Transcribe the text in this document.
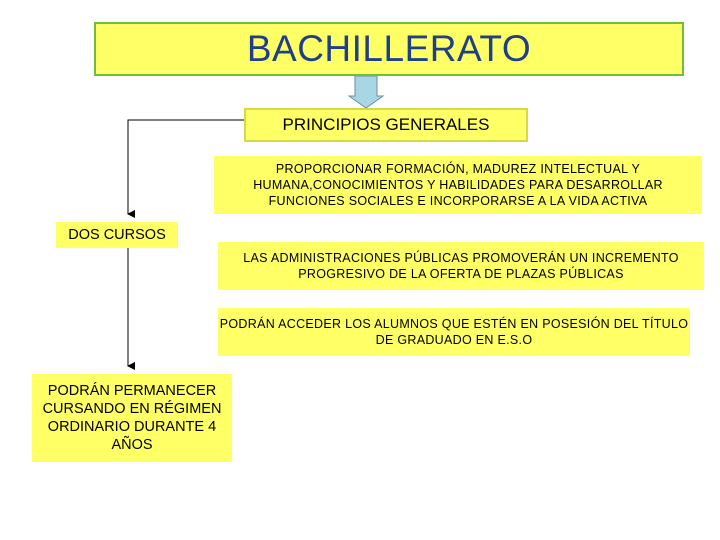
BACHILLERATO
PRINCIPIOS GENERALES
PROPORCIONAR FORMACIÓN, MADUREZ INTELECTUAL Y HUMANA,CONOCIMIENTOS Y HABILIDADES PARA DESARROLLAR FUNCIONES SOCIALES E INCORPORARSE A LA VIDA ACTIVA
DOS CURSOS
LAS ADMINISTRACIONES PÚBLICAS PROMOVERÁN UN INCREMENTO PROGRESIVO DE LA OFERTA DE PLAZAS PÚBLICAS
PODRÁN ACCEDER LOS ALUMNOS QUE ESTÉN EN POSESIÓN DEL TÍTULO DE GRADUADO EN E.S.O
PODRÁN PERMANECER CURSANDO EN RÉGIMEN ORDINARIO DURANTE 4 AÑOS
